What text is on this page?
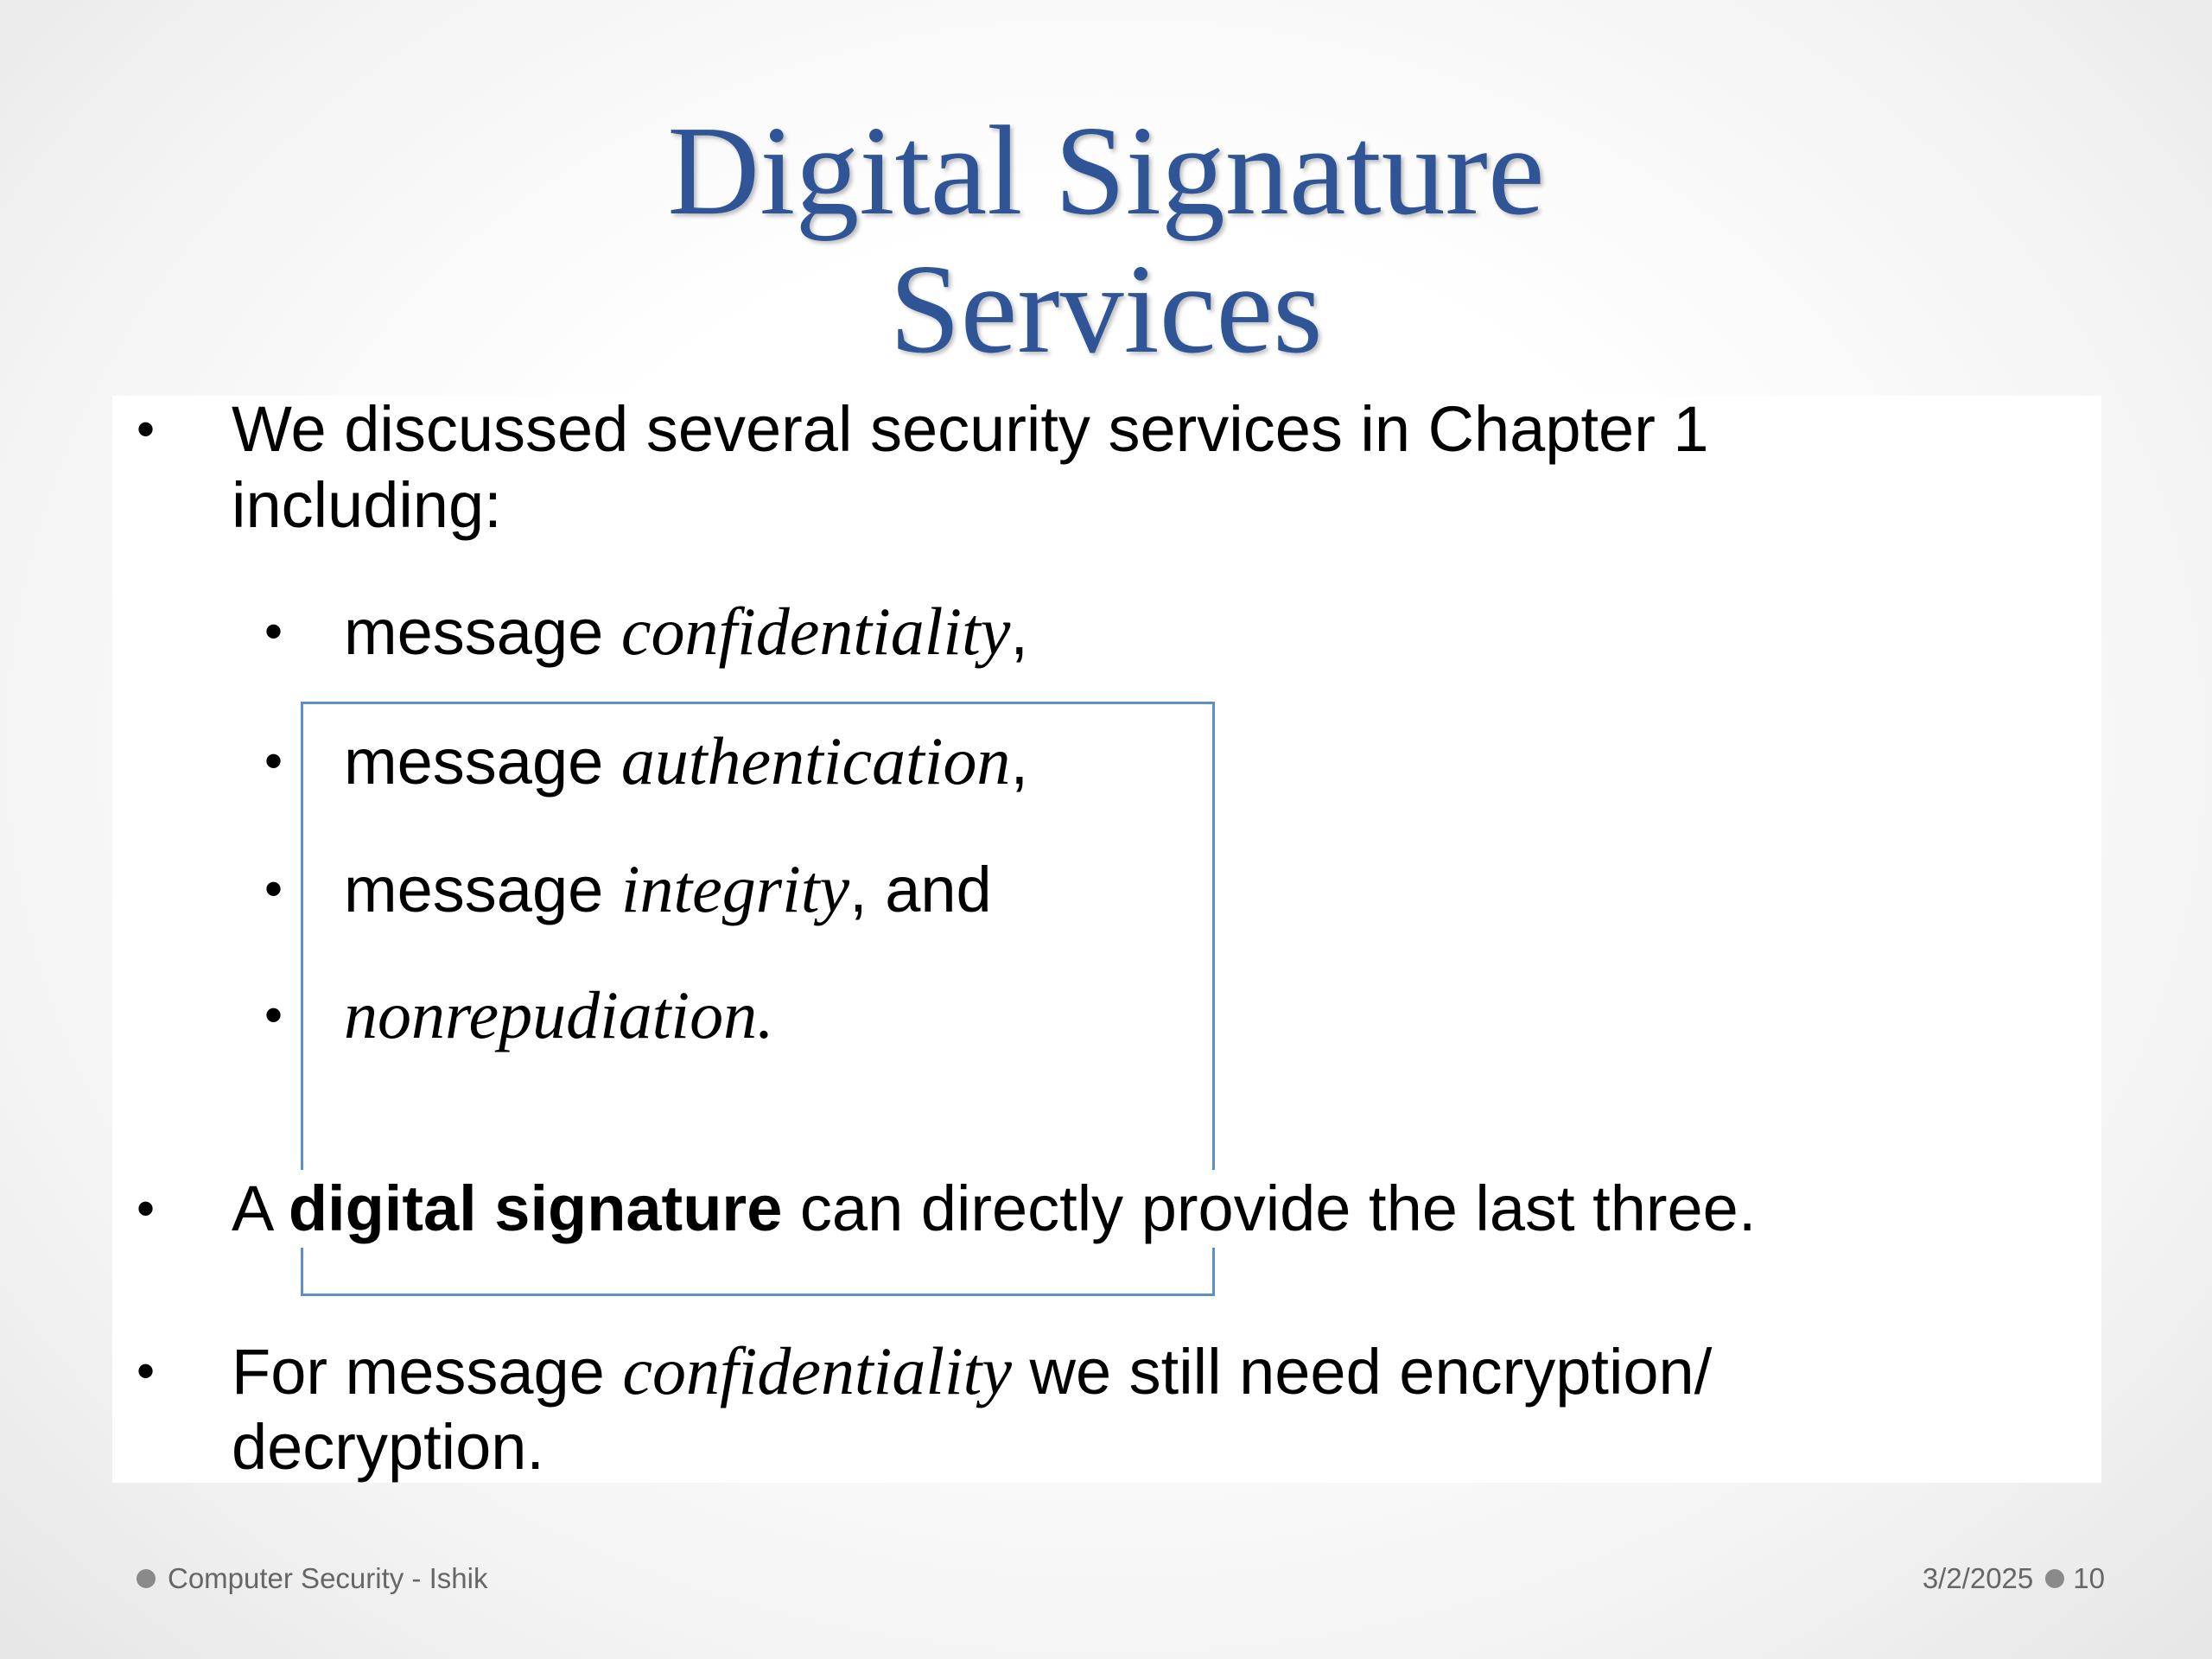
Digital Signature
Services
• We discussed several security services in Chapter 1
including:
• message confidentiality,
• message authentication,
• message integrity, and
• nonrepudiation.
• A digital signature can directly provide the last three.
• For message confidentiality we still need encryption/
decryption.
Computer Security - Ishik	3/2/2025 10
